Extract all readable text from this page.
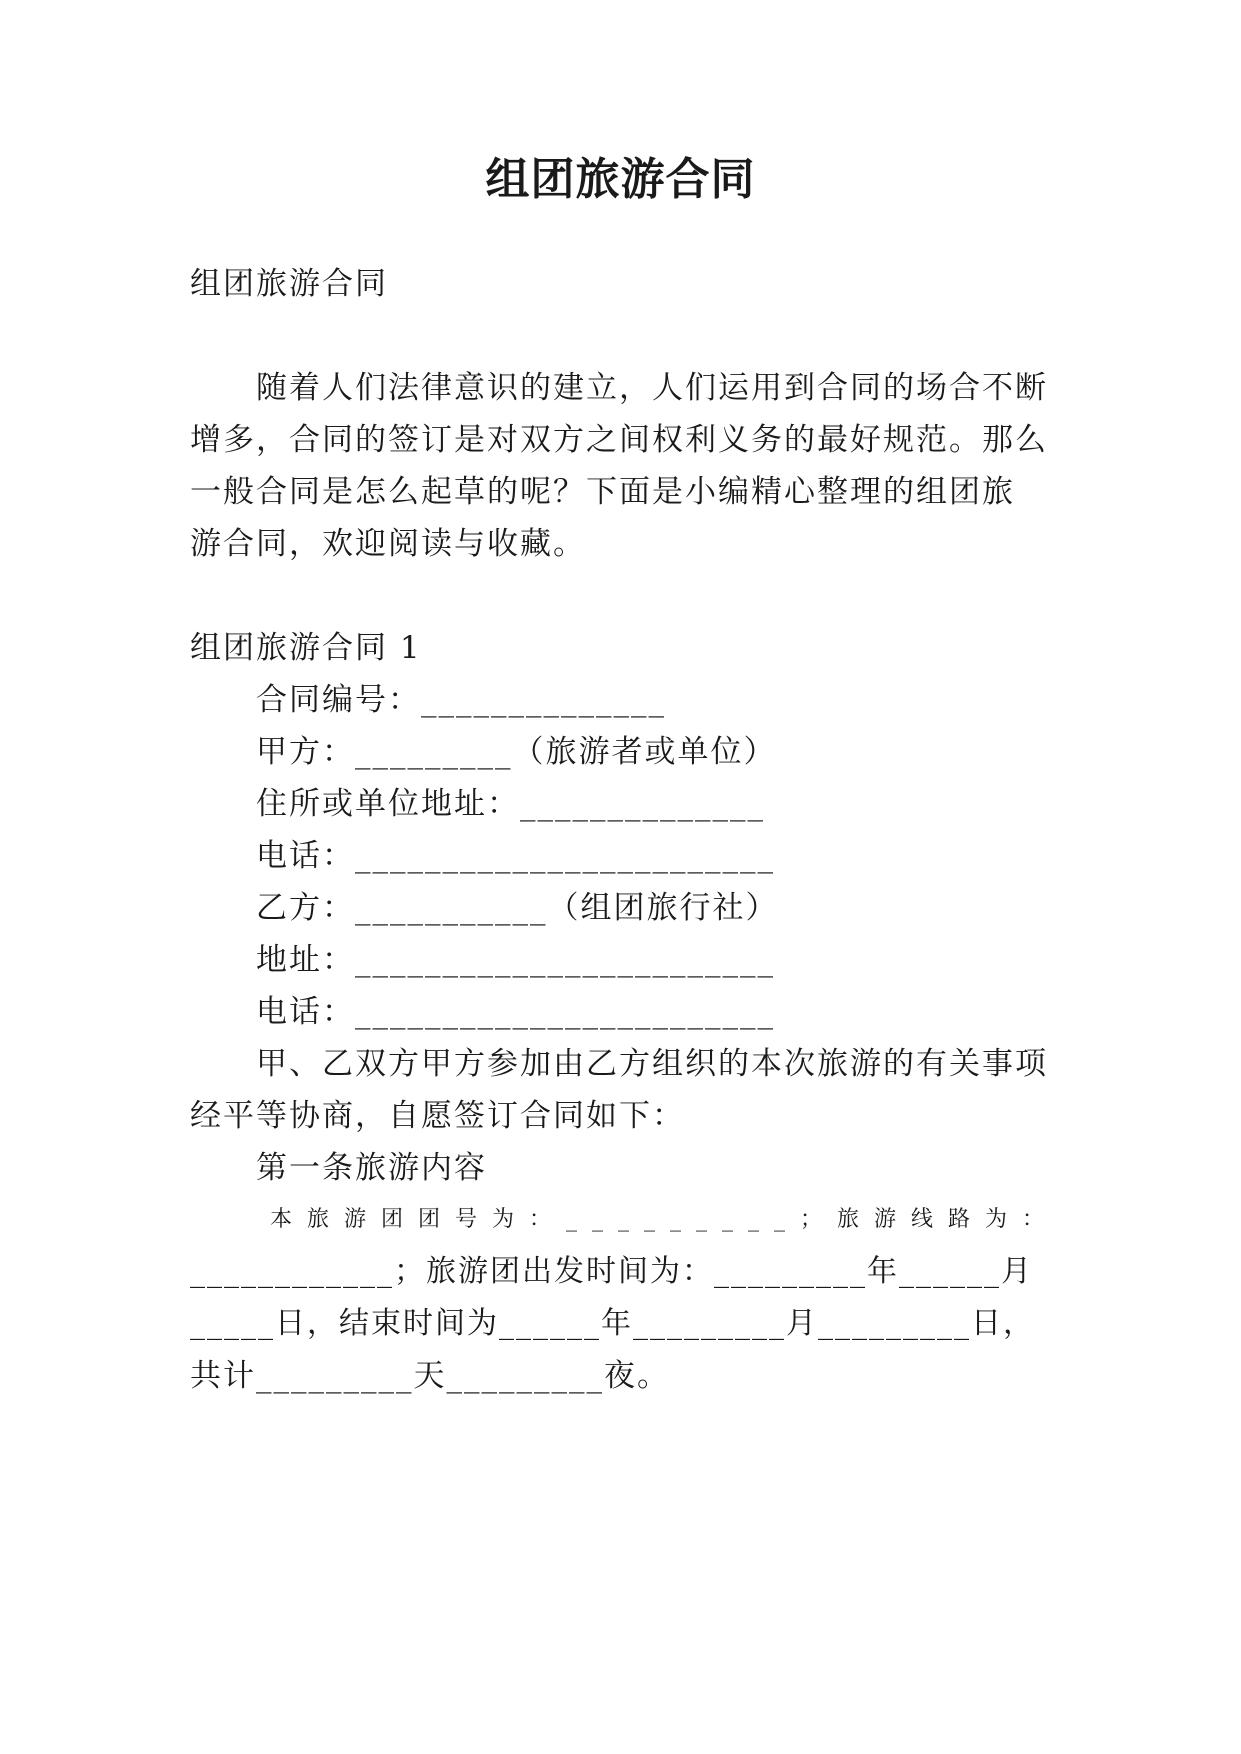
组团旅游合同
组团旅游合同
随着人们法律意识的建立，人们运用到合同的场合不断
增多，合同的签订是对双方之间权利义务的最好规范。那么
一般合同是怎么起草的呢？下面是小编精心整理的组团旅
游合同，欢迎阅读与收藏。
组团旅游合同 1
合同编号：______________
甲方：_________（旅游者或单位）
住所或单位地址：______________
电话：________________________
乙方：___________（组团旅行社）
地址：________________________
电话：________________________
甲、乙双方甲方参加由乙方组织的本次旅游的有关事项
经平等协商，自愿签订合同如下：
第一条旅游内容
本旅游团团号为：_________；旅游线路为：
____________；旅游团出发时间为：_________年______月
_____日，结束时间为______年_________月_________日，
共计_________天_________夜。
